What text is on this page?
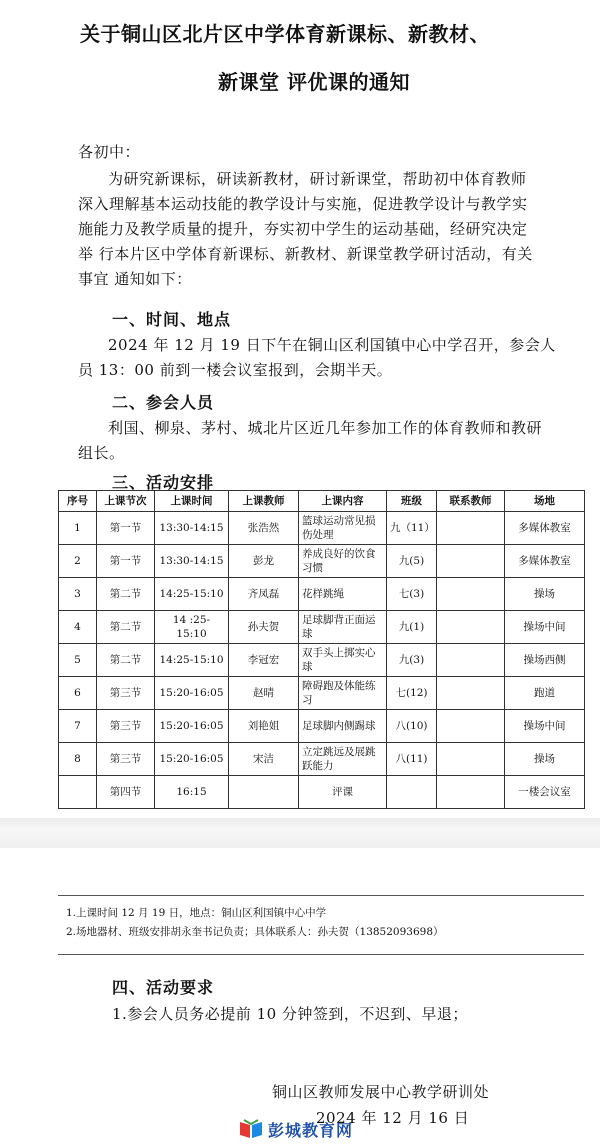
关于铜山区北片区中学体育新课标、新教材、
新课堂 评优课的通知
各初中：
为研究新课标，研读新教材，研讨新课堂，帮助初中体育教师
深入理解基本运动技能的教学设计与实施，促进教学设计与教学实
施能力及教学质量的提升，夯实初中学生的运动基础，经研究决定
举 行本片区中学体育新课标、新教材、新课堂教学研讨活动，有关
事宜 通知如下：
一、时间、地点
2024 年 12 月 19 日下午在铜山区利国镇中心中学召开，参会人
员 13：00 前到一楼会议室报到，会期半天。
二、参会人员
利国、柳泉、茅村、城北片区近几年参加工作的体育教师和教研
组长。
三、活动安排
序号	上课节次	上课时间	上课教师	上课内容	班级	联系教师	场地
1	第一节	13:30-14:15	张浩然	篮球运动常见损伤处理	九（11）		多媒体教室
2	第一节	13:30-14:15	彭龙	养成良好的饮食习惯	九(5)		多媒体教室
3	第二节	14:25-15:10	齐凤磊	花样跳绳	七(3)		操场
4	第二节	14 :25-15:10	孙夫贺	足球脚背正面运球	九(1)		操场中间
5	第二节	14:25-15:10	李冠宏	双手头上掷实心球	九(3)		操场西侧
6	第三节	15:20-16:05	赵晴	障碍跑及体能练习	七(12)		跑道
7	第三节	15:20-16:05	刘艳姐	足球脚内侧踢球	八(10)		操场中间
8	第三节	15:20-16:05	宋洁	立定跳远及展跳跃能力	八(11)		操场
	第四节	16:15		评课			一楼会议室
1.上课时间 12 月 19 日，地点：铜山区利国镇中心中学
2.场地器材、班级安排胡永奎书记负责；具体联系人：孙夫贺（13852093698）
四、活动要求
1.参会人员务必提前 10 分钟签到，不迟到、早退；
铜山区教师发展中心教学研训处
2024 年 12 月 16 日
彭城教育网
